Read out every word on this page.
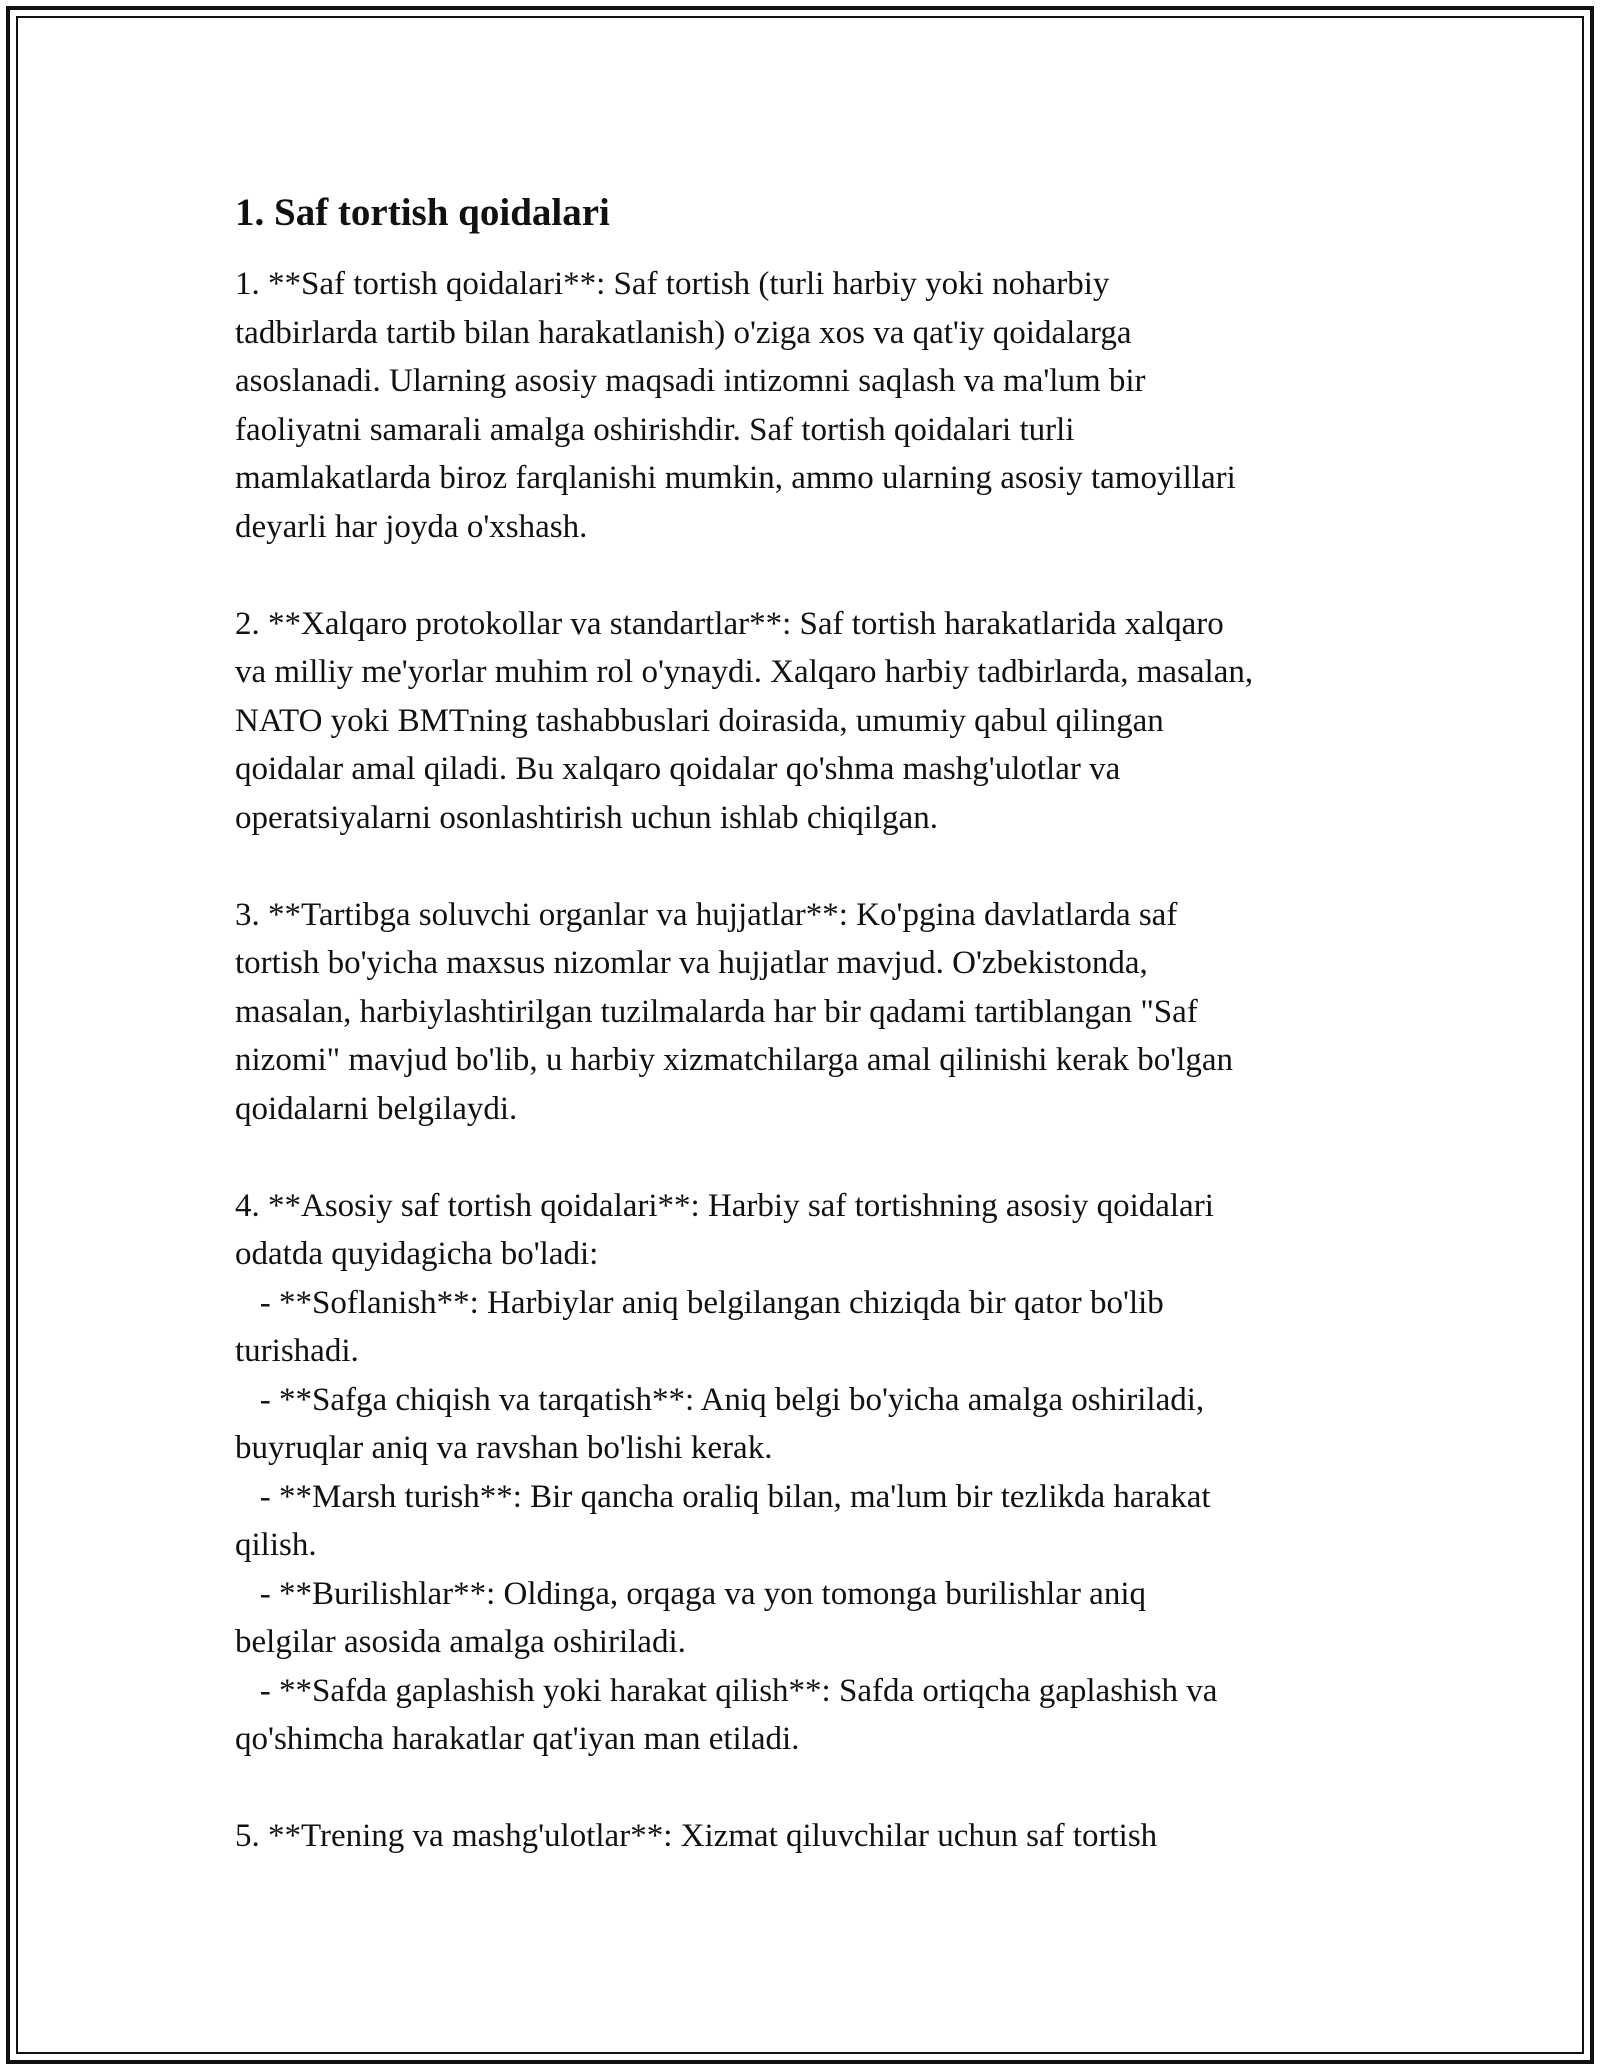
1. Saf tortish qoidalari
1. **Saf tortish qoidalari**: Saf tortish (turli harbiy yoki noharbiy
tadbirlarda tartib bilan harakatlanish) o'ziga xos va qat'iy qoidalarga
asoslanadi. Ularning asosiy maqsadi intizomni saqlash va ma'lum bir
faoliyatni samarali amalga oshirishdir. Saf tortish qoidalari turli
mamlakatlarda biroz farqlanishi mumkin, ammo ularning asosiy tamoyillari
deyarli har joyda o'xshash.
2. **Xalqaro protokollar va standartlar**: Saf tortish harakatlarida xalqaro
va milliy me'yorlar muhim rol o'ynaydi. Xalqaro harbiy tadbirlarda, masalan,
NATO yoki BMTning tashabbuslari doirasida, umumiy qabul qilingan
qoidalar amal qiladi. Bu xalqaro qoidalar qo'shma mashg'ulotlar va
operatsiyalarni osonlashtirish uchun ishlab chiqilgan.
3. **Tartibga soluvchi organlar va hujjatlar**: Ko'pgina davlatlarda saf
tortish bo'yicha maxsus nizomlar va hujjatlar mavjud. O'zbekistonda,
masalan, harbiylashtirilgan tuzilmalarda har bir qadami tartiblangan "Saf
nizomi" mavjud bo'lib, u harbiy xizmatchilarga amal qilinishi kerak bo'lgan
qoidalarni belgilaydi.
4. **Asosiy saf tortish qoidalari**: Harbiy saf tortishning asosiy qoidalari
odatda quyidagicha bo'ladi:
- **Soflanish**: Harbiylar aniq belgilangan chiziqda bir qator bo'lib
turishadi.
- **Safga chiqish va tarqatish**: Aniq belgi bo'yicha amalga oshiriladi,
buyruqlar aniq va ravshan bo'lishi kerak.
- **Marsh turish**: Bir qancha oraliq bilan, ma'lum bir tezlikda harakat
qilish.
- **Burilishlar**: Oldinga, orqaga va yon tomonga burilishlar aniq
belgilar asosida amalga oshiriladi.
- **Safda gaplashish yoki harakat qilish**: Safda ortiqcha gaplashish va
qo'shimcha harakatlar qat'iyan man etiladi.
5. **Trening va mashg'ulotlar**: Xizmat qiluvchilar uchun saf tortish
